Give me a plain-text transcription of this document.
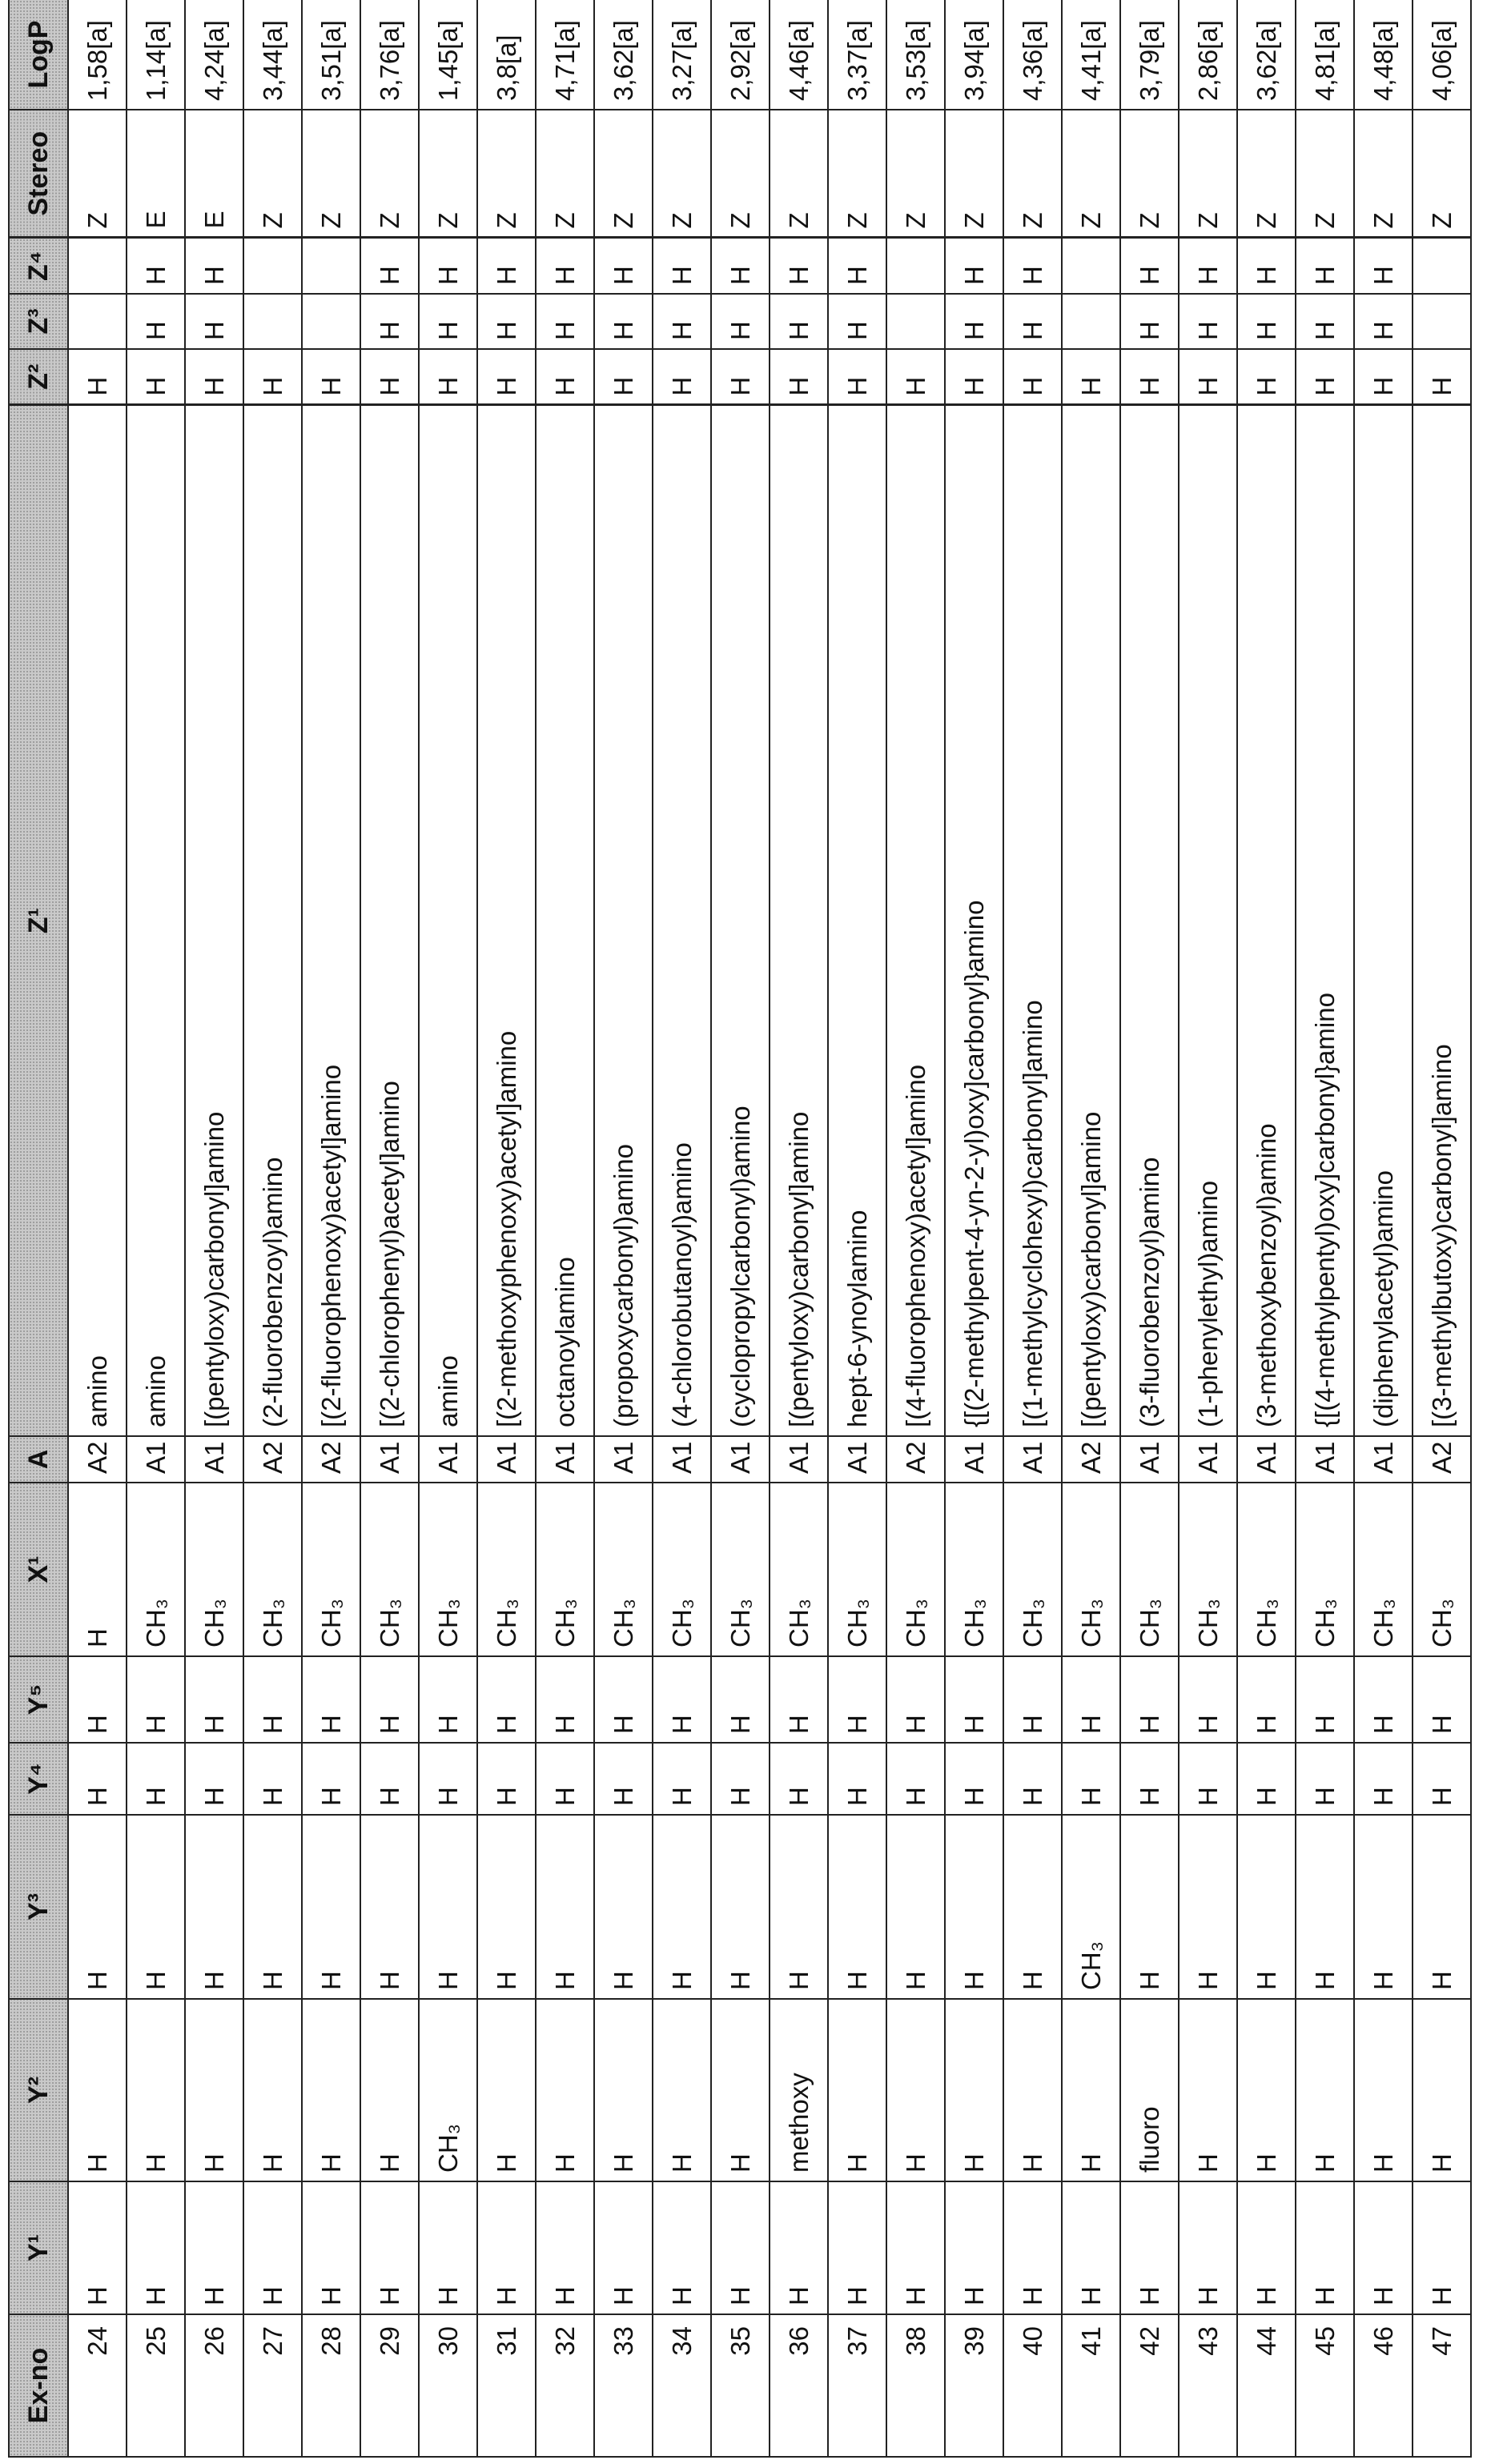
Ex-no	Y¹	Y²	Y³	Y⁴	Y⁵	X¹	A	Z¹	Z²	Z³	Z⁴	Stereo	LogP
24	H	H	H	H	H	H	A2	amino	H			Z	1,58[a]
25	H	H	H	H	H	CH₃	A1	amino	H	H	H	E	1,14[a]
26	H	H	H	H	H	CH₃	A1	[(pentyloxy)carbonyl]amino	H	H	H	E	4,24[a]
27	H	H	H	H	H	CH₃	A2	(2-fluorobenzoyl)amino	H			Z	3,44[a]
28	H	H	H	H	H	CH₃	A2	[(2-fluorophenoxy)acetyl]amino	H			Z	3,51[a]
29	H	H	H	H	H	CH₃	A1	[(2-chlorophenyl)acetyl]amino	H	H	H	Z	3,76[a]
30	H	CH₃	H	H	H	CH₃	A1	amino	H	H	H	Z	1,45[a]
31	H	H	H	H	H	CH₃	A1	[(2-methoxyphenoxy)acetyl]amino	H	H	H	Z	3,8[a]
32	H	H	H	H	H	CH₃	A1	octanoylamino	H	H	H	Z	4,71[a]
33	H	H	H	H	H	CH₃	A1	(propoxycarbonyl)amino	H	H	H	Z	3,62[a]
34	H	H	H	H	H	CH₃	A1	(4-chlorobutanoyl)amino	H	H	H	Z	3,27[a]
35	H	H	H	H	H	CH₃	A1	(cyclopropylcarbonyl)amino	H	H	H	Z	2,92[a]
36	H	methoxy	H	H	H	CH₃	A1	[(pentyloxy)carbonyl]amino	H	H	H	Z	4,46[a]
37	H	H	H	H	H	CH₃	A1	hept-6-ynoylamino	H	H	H	Z	3,37[a]
38	H	H	H	H	H	CH₃	A2	[(4-fluorophenoxy)acetyl]amino	H			Z	3,53[a]
39	H	H	H	H	H	CH₃	A1	{[(2-methylpent-4-yn-2-yl)oxy]carbonyl}amino	H	H	H	Z	3,94[a]
40	H	H	H	H	H	CH₃	A1	[(1-methylcyclohexyl)carbonyl]amino	H	H	H	Z	4,36[a]
41	H	H	CH₃	H	H	CH₃	A2	[(pentyloxy)carbonyl]amino	H			Z	4,41[a]
42	H	fluoro	H	H	H	CH₃	A1	(3-fluorobenzoyl)amino	H	H	H	Z	3,79[a]
43	H	H	H	H	H	CH₃	A1	(1-phenylethyl)amino	H	H	H	Z	2,86[a]
44	H	H	H	H	H	CH₃	A1	(3-methoxybenzoyl)amino	H	H	H	Z	3,62[a]
45	H	H	H	H	H	CH₃	A1	{[(4-methylpentyl)oxy]carbonyl}amino	H	H	H	Z	4,81[a]
46	H	H	H	H	H	CH₃	A1	(diphenylacetyl)amino	H	H	H	Z	4,48[a]
47	H	H	H	H	H	CH₃	A2	[(3-methylbutoxy)carbonyl]amino	H			Z	4,06[a]
